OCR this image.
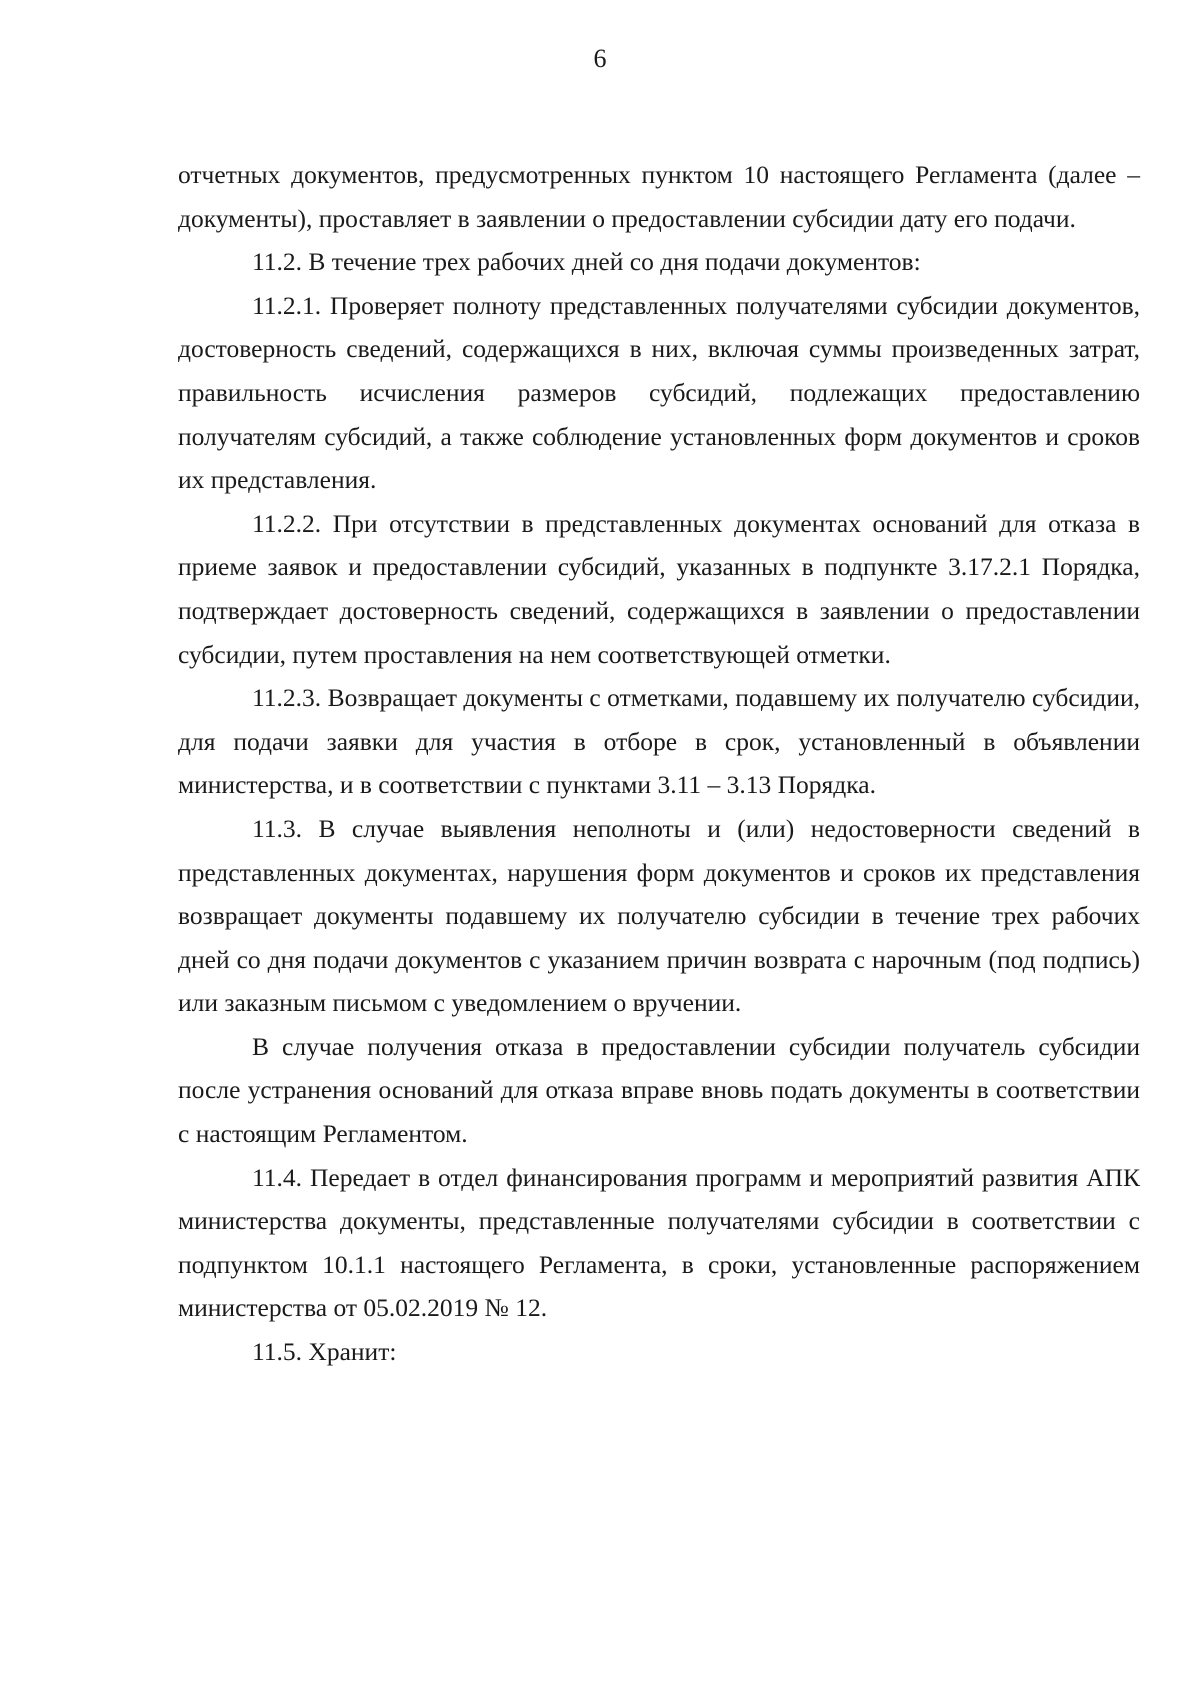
6

отчетных документов, предусмотренных пунктом 10 настоящего Регламента (далее – документы), проставляет в заявлении о предоставлении субсидии дату его подачи.

11.2. В течение трех рабочих дней со дня подачи документов:

11.2.1. Проверяет полноту представленных получателями субсидии документов, достоверность сведений, содержащихся в них, включая суммы произведенных затрат, правильность исчисления размеров субсидий, подлежащих предоставлению получателям субсидий, а также соблюдение установленных форм документов и сроков их представления.

11.2.2. При отсутствии в представленных документах оснований для отказа в приеме заявок и предоставлении субсидий, указанных в подпункте 3.17.2.1 Порядка, подтверждает достоверность сведений, содержащихся в заявлении о предоставлении субсидии, путем проставления на нем соответствующей отметки.

11.2.3. Возвращает документы с отметками, подавшему их получателю субсидии, для подачи заявки для участия в отборе в срок, установленный в объявлении министерства, и в соответствии с пунктами 3.11 – 3.13 Порядка.

11.3. В случае выявления неполноты и (или) недостоверности сведений в представленных документах, нарушения форм документов и сроков их представления возвращает документы подавшему их получателю субсидии в течение трех рабочих дней со дня подачи документов с указанием причин возврата с нарочным (под подпись) или заказным письмом с уведомлением о вручении.

В случае получения отказа в предоставлении субсидии получатель субсидии после устранения оснований для отказа вправе вновь подать документы в соответствии с настоящим Регламентом.

11.4. Передает в отдел финансирования программ и мероприятий развития АПК министерства документы, представленные получателями субсидии в соответствии с подпунктом 10.1.1 настоящего Регламента, в сроки, установленные распоряжением министерства от 05.02.2019 № 12.

11.5. Хранит:
